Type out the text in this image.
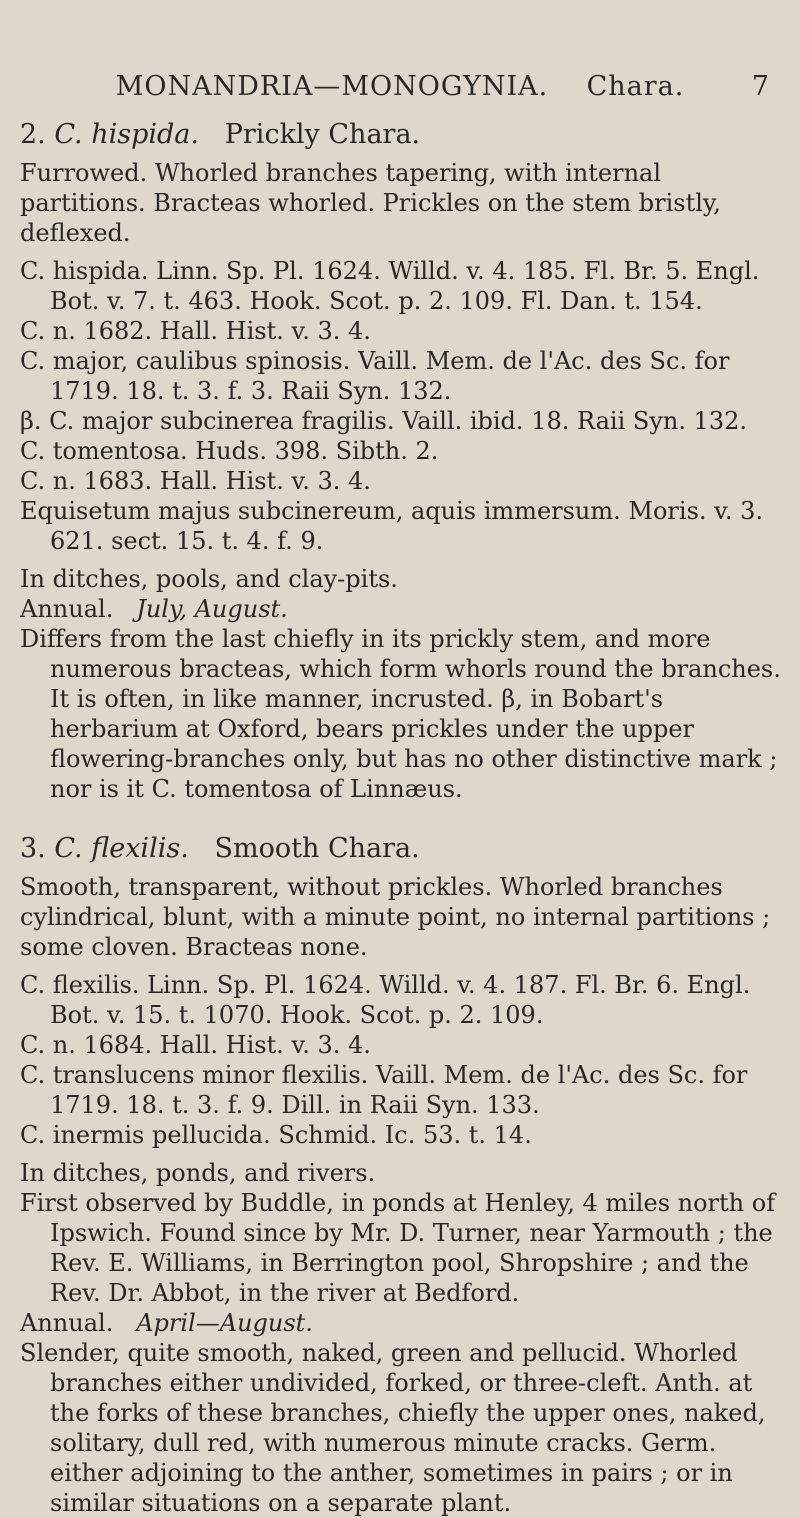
MONANDRIA—MONOGYNIA. Chara.	7
2. C. hispida. Prickly Chara.

Furrowed. Whorled branches tapering, with internal partitions. Bracteas whorled. Prickles on the stem bristly, deflexed.

C. hispida. Linn. Sp. Pl. 1624. Willd. v. 4. 185. Fl. Br. 5. Engl. Bot. v. 7. t. 463. Hook. Scot. p. 2. 109. Fl. Dan. t. 154.

C. n. 1682. Hall. Hist. v. 3. 4.

C. major, caulibus spinosis. Vaill. Mem. de l'Ac. des Sc. for 1719. 18. t. 3. f. 3. Raii Syn. 132.

β. C. major subcinerea fragilis. Vaill. ibid. 18. Raii Syn. 132.

C. tomentosa. Huds. 398. Sibth. 2.

C. n. 1683. Hall. Hist. v. 3. 4.

Equisetum majus subcinereum, aquis immersum. Moris. v. 3. 621. sect. 15. t. 4. f. 9.

In ditches, pools, and clay-pits.

Annual. July, August.

Differs from the last chiefly in its prickly stem, and more numerous bracteas, which form whorls round the branches. It is often, in like manner, incrusted. β, in Bobart's herbarium at Oxford, bears prickles under the upper flowering-branches only, but has no other distinctive mark ; nor is it C. tomentosa of Linnæus.

3. C. flexilis. Smooth Chara.

Smooth, transparent, without prickles. Whorled branches cylindrical, blunt, with a minute point, no internal partitions ; some cloven. Bracteas none.

C. flexilis. Linn. Sp. Pl. 1624. Willd. v. 4. 187. Fl. Br. 6. Engl. Bot. v. 15. t. 1070. Hook. Scot. p. 2. 109.

C. n. 1684. Hall. Hist. v. 3. 4.

C. translucens minor flexilis. Vaill. Mem. de l'Ac. des Sc. for 1719. 18. t. 3. f. 9. Dill. in Raii Syn. 133.

C. inermis pellucida. Schmid. Ic. 53. t. 14.

In ditches, ponds, and rivers.

First observed by Buddle, in ponds at Henley, 4 miles north of Ipswich. Found since by Mr. D. Turner, near Yarmouth ; the Rev. E. Williams, in Berrington pool, Shropshire ; and the Rev. Dr. Abbot, in the river at Bedford.

Annual. April—August.

Slender, quite smooth, naked, green and pellucid. Whorled branches either undivided, forked, or three-cleft. Anth. at the forks of these branches, chiefly the upper ones, naked, solitary, dull red, with numerous minute cracks. Germ. either adjoining to the anther, sometimes in pairs ; or in similar situations on a separate plant.
